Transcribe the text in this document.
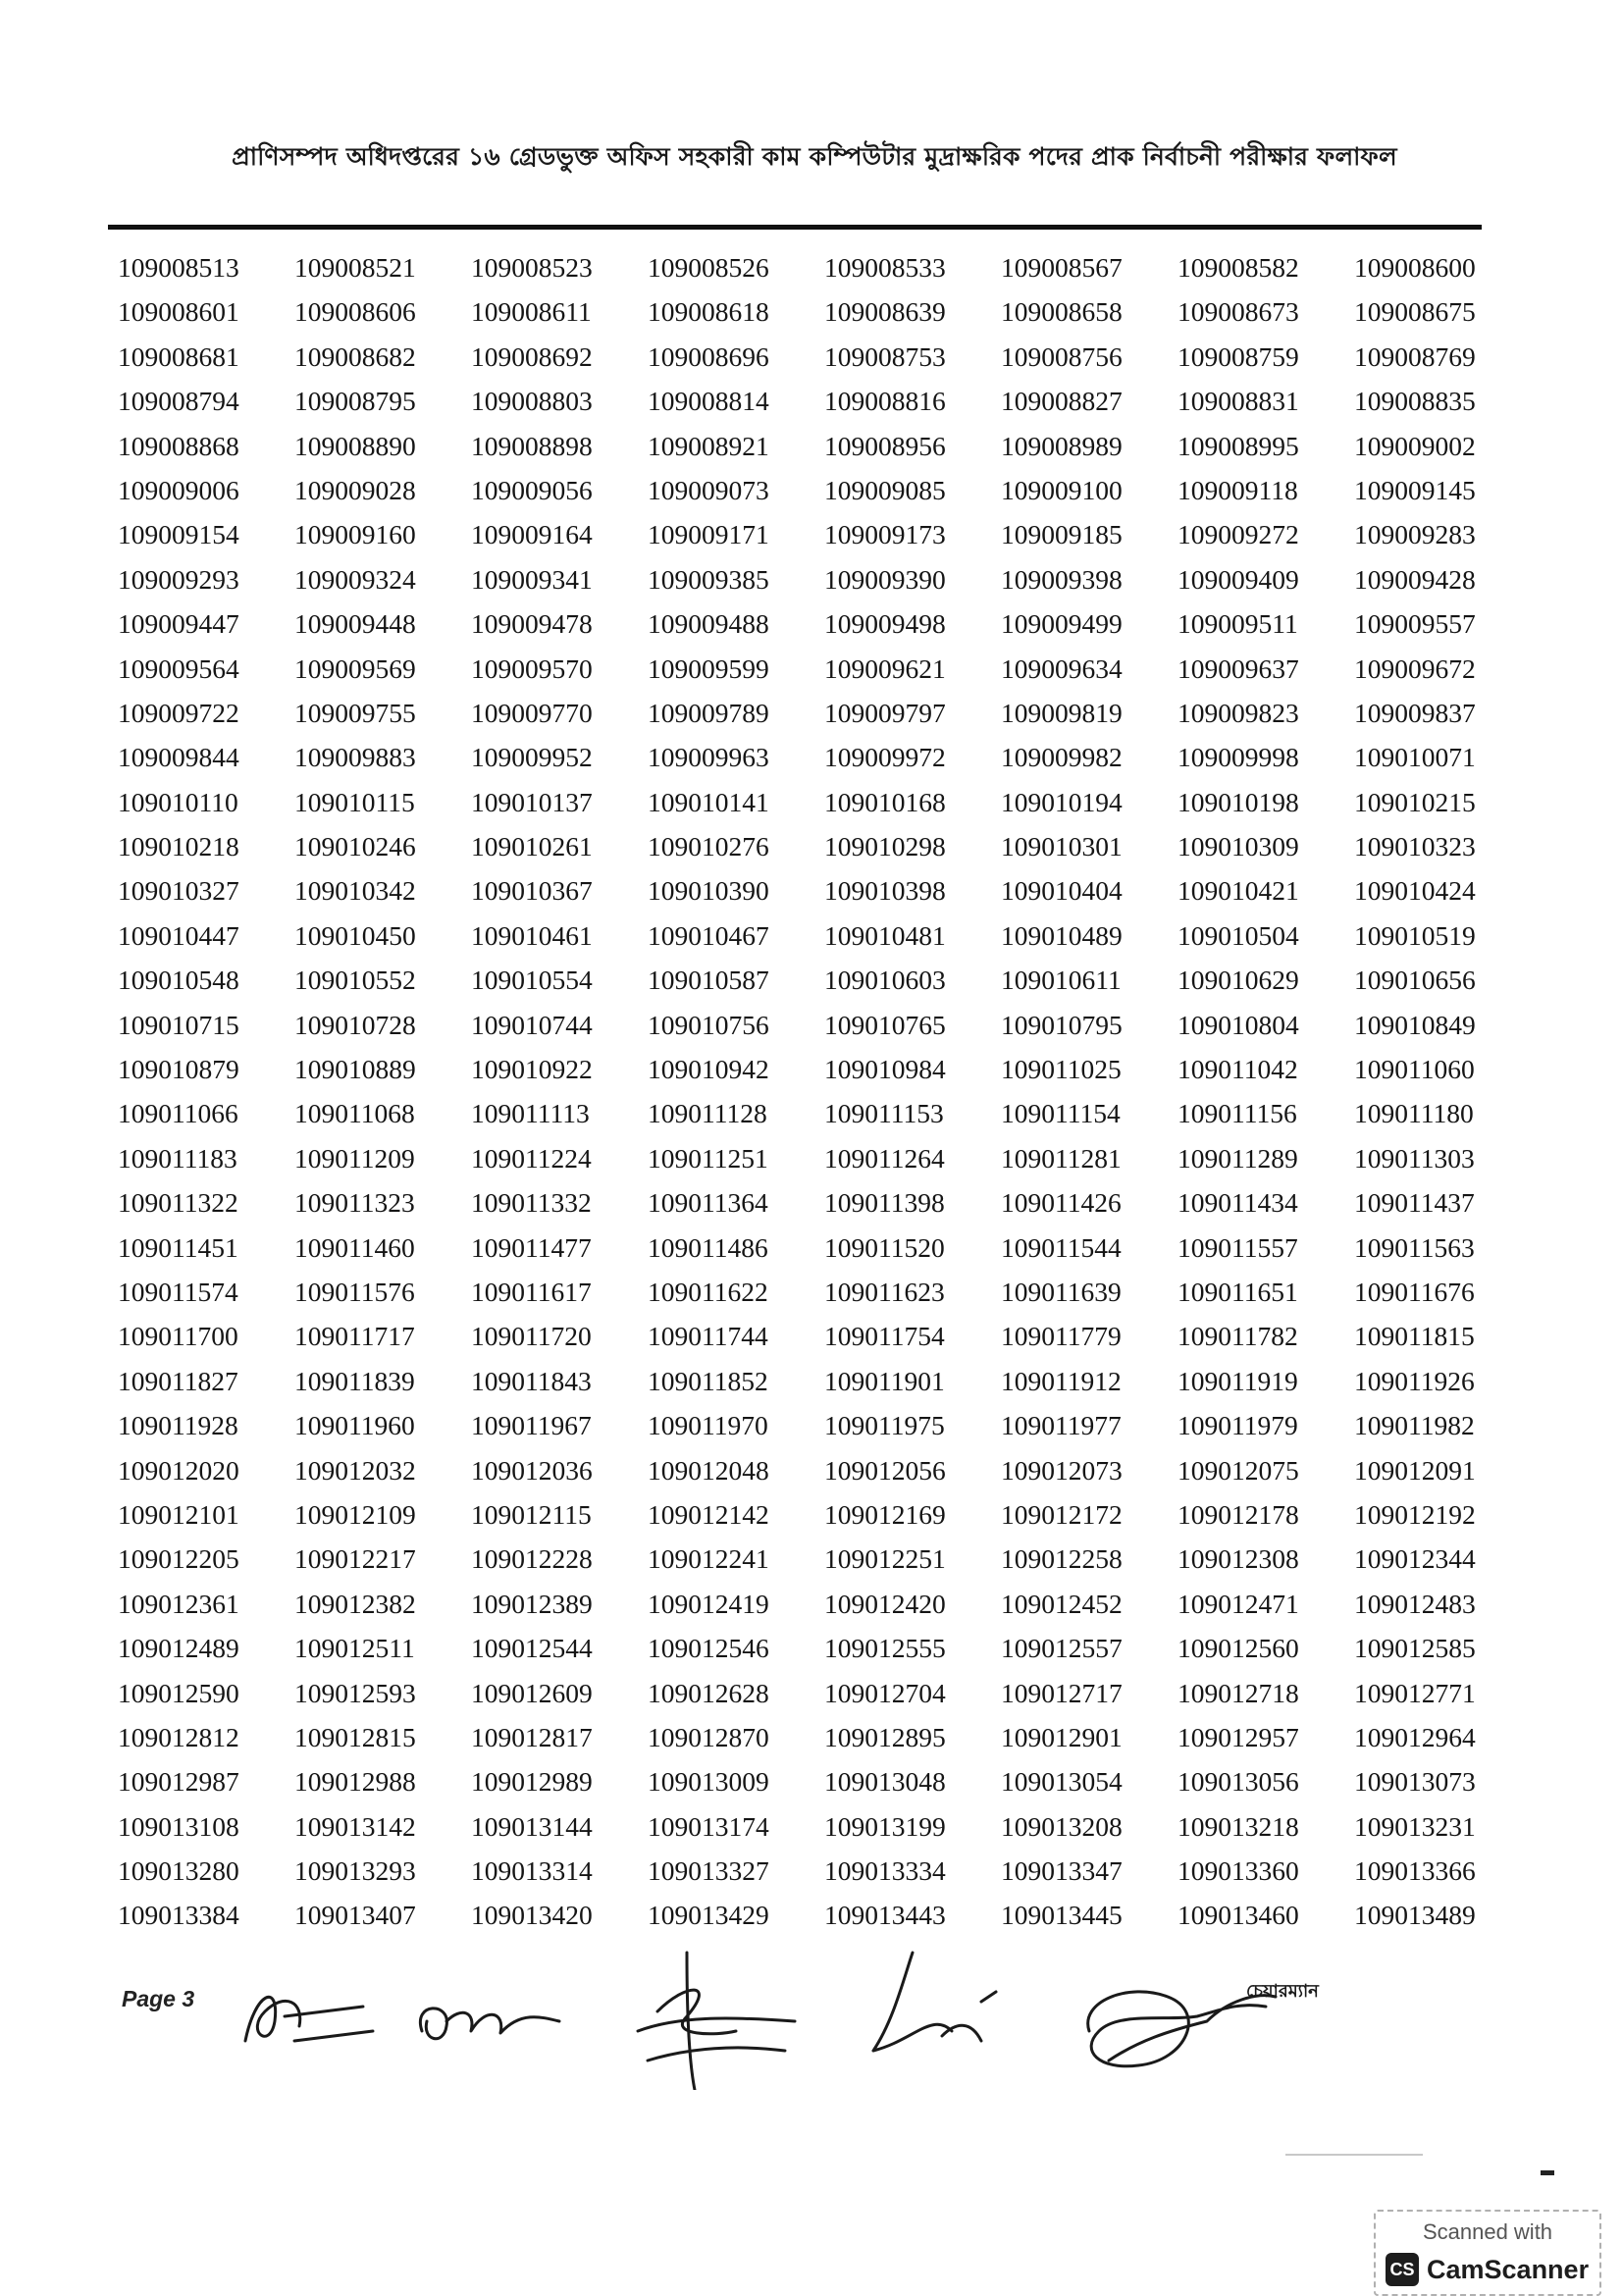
প্রাণিসম্পদ অধিদপ্তরের ১৬ গ্রেডভুক্ত অফিস সহকারী কাম কম্পিউটার মুদ্রাক্ষরিক পদের প্রাক নির্বাচনী পরীক্ষার ফলাফল
109008513	109008521	109008523	109008526	109008533	109008567	109008582	109008600
109008601	109008606	109008611	109008618	109008639	109008658	109008673	109008675
109008681	109008682	109008692	109008696	109008753	109008756	109008759	109008769
109008794	109008795	109008803	109008814	109008816	109008827	109008831	109008835
109008868	109008890	109008898	109008921	109008956	109008989	109008995	109009002
109009006	109009028	109009056	109009073	109009085	109009100	109009118	109009145
109009154	109009160	109009164	109009171	109009173	109009185	109009272	109009283
109009293	109009324	109009341	109009385	109009390	109009398	109009409	109009428
109009447	109009448	109009478	109009488	109009498	109009499	109009511	109009557
109009564	109009569	109009570	109009599	109009621	109009634	109009637	109009672
109009722	109009755	109009770	109009789	109009797	109009819	109009823	109009837
109009844	109009883	109009952	109009963	109009972	109009982	109009998	109010071
109010110	109010115	109010137	109010141	109010168	109010194	109010198	109010215
109010218	109010246	109010261	109010276	109010298	109010301	109010309	109010323
109010327	109010342	109010367	109010390	109010398	109010404	109010421	109010424
109010447	109010450	109010461	109010467	109010481	109010489	109010504	109010519
109010548	109010552	109010554	109010587	109010603	109010611	109010629	109010656
109010715	109010728	109010744	109010756	109010765	109010795	109010804	109010849
109010879	109010889	109010922	109010942	109010984	109011025	109011042	109011060
109011066	109011068	109011113	109011128	109011153	109011154	109011156	109011180
109011183	109011209	109011224	109011251	109011264	109011281	109011289	109011303
109011322	109011323	109011332	109011364	109011398	109011426	109011434	109011437
109011451	109011460	109011477	109011486	109011520	109011544	109011557	109011563
109011574	109011576	109011617	109011622	109011623	109011639	109011651	109011676
109011700	109011717	109011720	109011744	109011754	109011779	109011782	109011815
109011827	109011839	109011843	109011852	109011901	109011912	109011919	109011926
109011928	109011960	109011967	109011970	109011975	109011977	109011979	109011982
109012020	109012032	109012036	109012048	109012056	109012073	109012075	109012091
109012101	109012109	109012115	109012142	109012169	109012172	109012178	109012192
109012205	109012217	109012228	109012241	109012251	109012258	109012308	109012344
109012361	109012382	109012389	109012419	109012420	109012452	109012471	109012483
109012489	109012511	109012544	109012546	109012555	109012557	109012560	109012585
109012590	109012593	109012609	109012628	109012704	109012717	109012718	109012771
109012812	109012815	109012817	109012870	109012895	109012901	109012957	109012964
109012987	109012988	109012989	109013009	109013048	109013054	109013056	109013073
109013108	109013142	109013144	109013174	109013199	109013208	109013218	109013231
109013280	109013293	109013314	109013327	109013334	109013347	109013360	109013366
109013384	109013407	109013420	109013429	109013443	109013445	109013460	109013489
Page 3	চেয়ারম্যান
Scanned with
CS CamScanner
